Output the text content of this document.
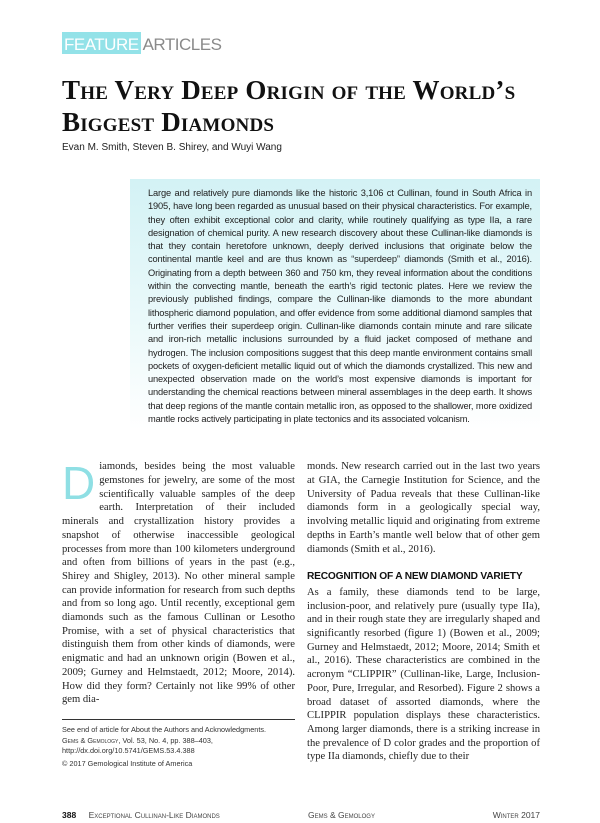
FEATURE ARTICLES
The Very Deep Origin of the World’s Biggest Diamonds
Evan M. Smith, Steven B. Shirey, and Wuyi Wang

Large and relatively pure diamonds like the historic 3,106 ct Cullinan, found in South Africa in 1905, have long been regarded as unusual based on their physical characteristics. For example, they often exhibit exceptional color and clarity, while routinely qualifying as type IIa, a rare designation of chemical purity. A new research discovery about these Cullinan-like diamonds is that they contain heretofore unknown, deeply derived inclusions that originate below the continental mantle keel and are thus known as “superdeep” diamonds (Smith et al., 2016). Originating from a depth between 360 and 750 km, they reveal information about the conditions within the convecting mantle, beneath the earth’s rigid tectonic plates. Here we review the previously published findings, compare the Cullinan-like diamonds to the more abundant lithospheric diamond population, and offer evidence from some additional diamond samples that further verifies their superdeep origin. Cullinan-like diamonds contain minute and rare silicate and iron-rich metallic inclusions surrounded by a fluid jacket composed of methane and hydrogen. The inclusion compositions suggest that this deep mantle environment contains small pockets of oxygen-deficient metallic liquid out of which the diamonds crystallized. This new and unexpected observation made on the world’s most expensive diamonds is important for understanding the chemical reactions between mineral assemblages in the deep earth. It shows that deep regions of the mantle contain metallic iron, as opposed to the shallower, more oxidized mantle rocks actively participating in plate tectonics and its associated volcanism.

Diamonds, besides being the most valuable gemstones for jewelry, are some of the most scientifically valuable samples of the deep earth. Interpretation of their included minerals and crystallization history provides a snapshot of otherwise inaccessible geological processes from more than 100 kilometers underground and often from billions of years in the past (e.g., Shirey and Shigley, 2013). No other mineral sample can provide information for research from such depths and from so long ago. Until recently, exceptional gem diamonds such as the famous Cullinan or Lesotho Promise, with a set of physical characteristics that distinguish them from other kinds of diamonds, were enigmatic and had an unknown origin (Bowen et al., 2009; Gurney and Helmstaedt, 2012; Moore, 2014). How did they form? Certainly not like 99% of other gem dia-

See end of article for About the Authors and Acknowledgments.
Gems & Gemology, Vol. 53, No. 4, pp. 388–403,
http://dx.doi.org/10.5741/GEMS.53.4.388
© 2017 Gemological Institute of America

monds. New research carried out in the last two years at GIA, the Carnegie Institution for Science, and the University of Padua reveals that these Cullinan-like diamonds form in a geologically special way, involving metallic liquid and originating from extreme depths in Earth’s mantle well below that of other gem diamonds (Smith et al., 2016).

RECOGNITION OF A NEW DIAMOND VARIETY

As a family, these diamonds tend to be large, inclusion-poor, and relatively pure (usually type IIa), and in their rough state they are irregularly shaped and significantly resorbed (figure 1) (Bowen et al., 2009; Gurney and Helmstaedt, 2012; Moore, 2014; Smith et al., 2016). These characteristics are combined in the acronym “CLIPPIR” (Cullinan-like, Large, Inclusion-Poor, Pure, Irregular, and Resorbed). Figure 2 shows a broad dataset of assorted diamonds, where the CLIPPIR population displays these characteristics. Among larger diamonds, there is a striking increase in the prevalence of D color grades and the proportion of type IIa diamonds, chiefly due to their

388 Exceptional Cullinan-Like Diamonds	Gems & Gemology	Winter 2017
